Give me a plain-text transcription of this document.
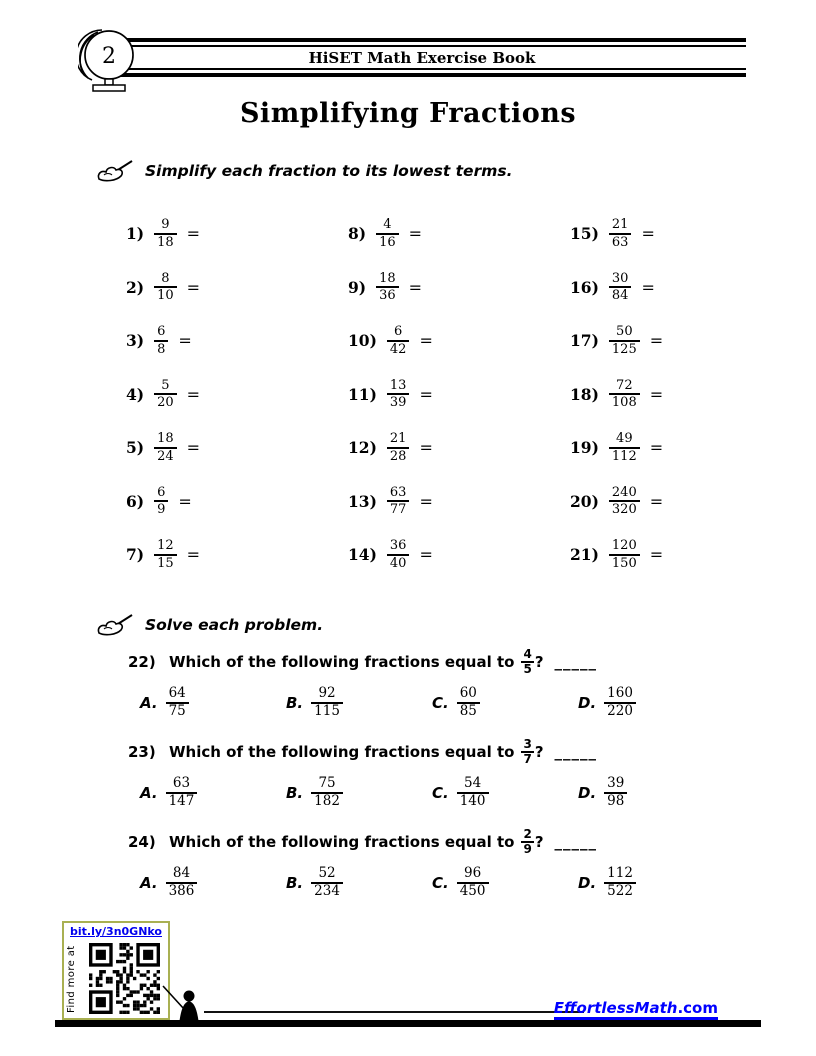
HiSET Math Exercise Book
2
Simplifying Fractions
Simplify each fraction to its lowest terms.
$1) \frac{9}{18}$ =
$2) \frac{8}{10}$ =
$3) \frac{6}{8}$ =
$4) \frac{5}{20}$ =
$5) \frac{18}{24}$ =
$6) \frac{6}{9}$ =
$7) \frac{12}{15}$ =
$8) \frac{4}{16}$ =
$9) \frac{18}{36}$ =
$10) \frac{6}{42}$ =
$11) \frac{13}{39}$ =
$12) \frac{21}{28}$ =
$13) \frac{63}{77}$ =
$14) \frac{36}{40}$ =
$15) \frac{21}{63}$ =
$16) \frac{30}{84}$ =
$17) \frac{50}{125}$ =
$18) \frac{72}{108}$ =
$19) \frac{49}{112}$ =
$20) \frac{240}{320}$ =
$21) \frac{120}{150}$ =
Solve each problem.
22) Which of the following fractions equal to $\frac{4}{5}$ ? _____
A. $\frac{64}{75}$	B. $\frac{92}{115}$	C. $\frac{60}{85}$	D. $\frac{160}{220}$
23) Which of the following fractions equal to $\frac{3}{7}$ ? _____
A. $\frac{63}{147}$	B. $\frac{75}{182}$	C. $\frac{54}{140}$	D. $\frac{39}{98}$
24) Which of the following fractions equal to $\frac{2}{9}$ ? _____
A. $\frac{84}{386}$	B. $\frac{52}{234}$	C. $\frac{96}{450}$	D. $\frac{112}{522}$
bit.ly/3n0GNko
Find more at	EffortlessMath.com
